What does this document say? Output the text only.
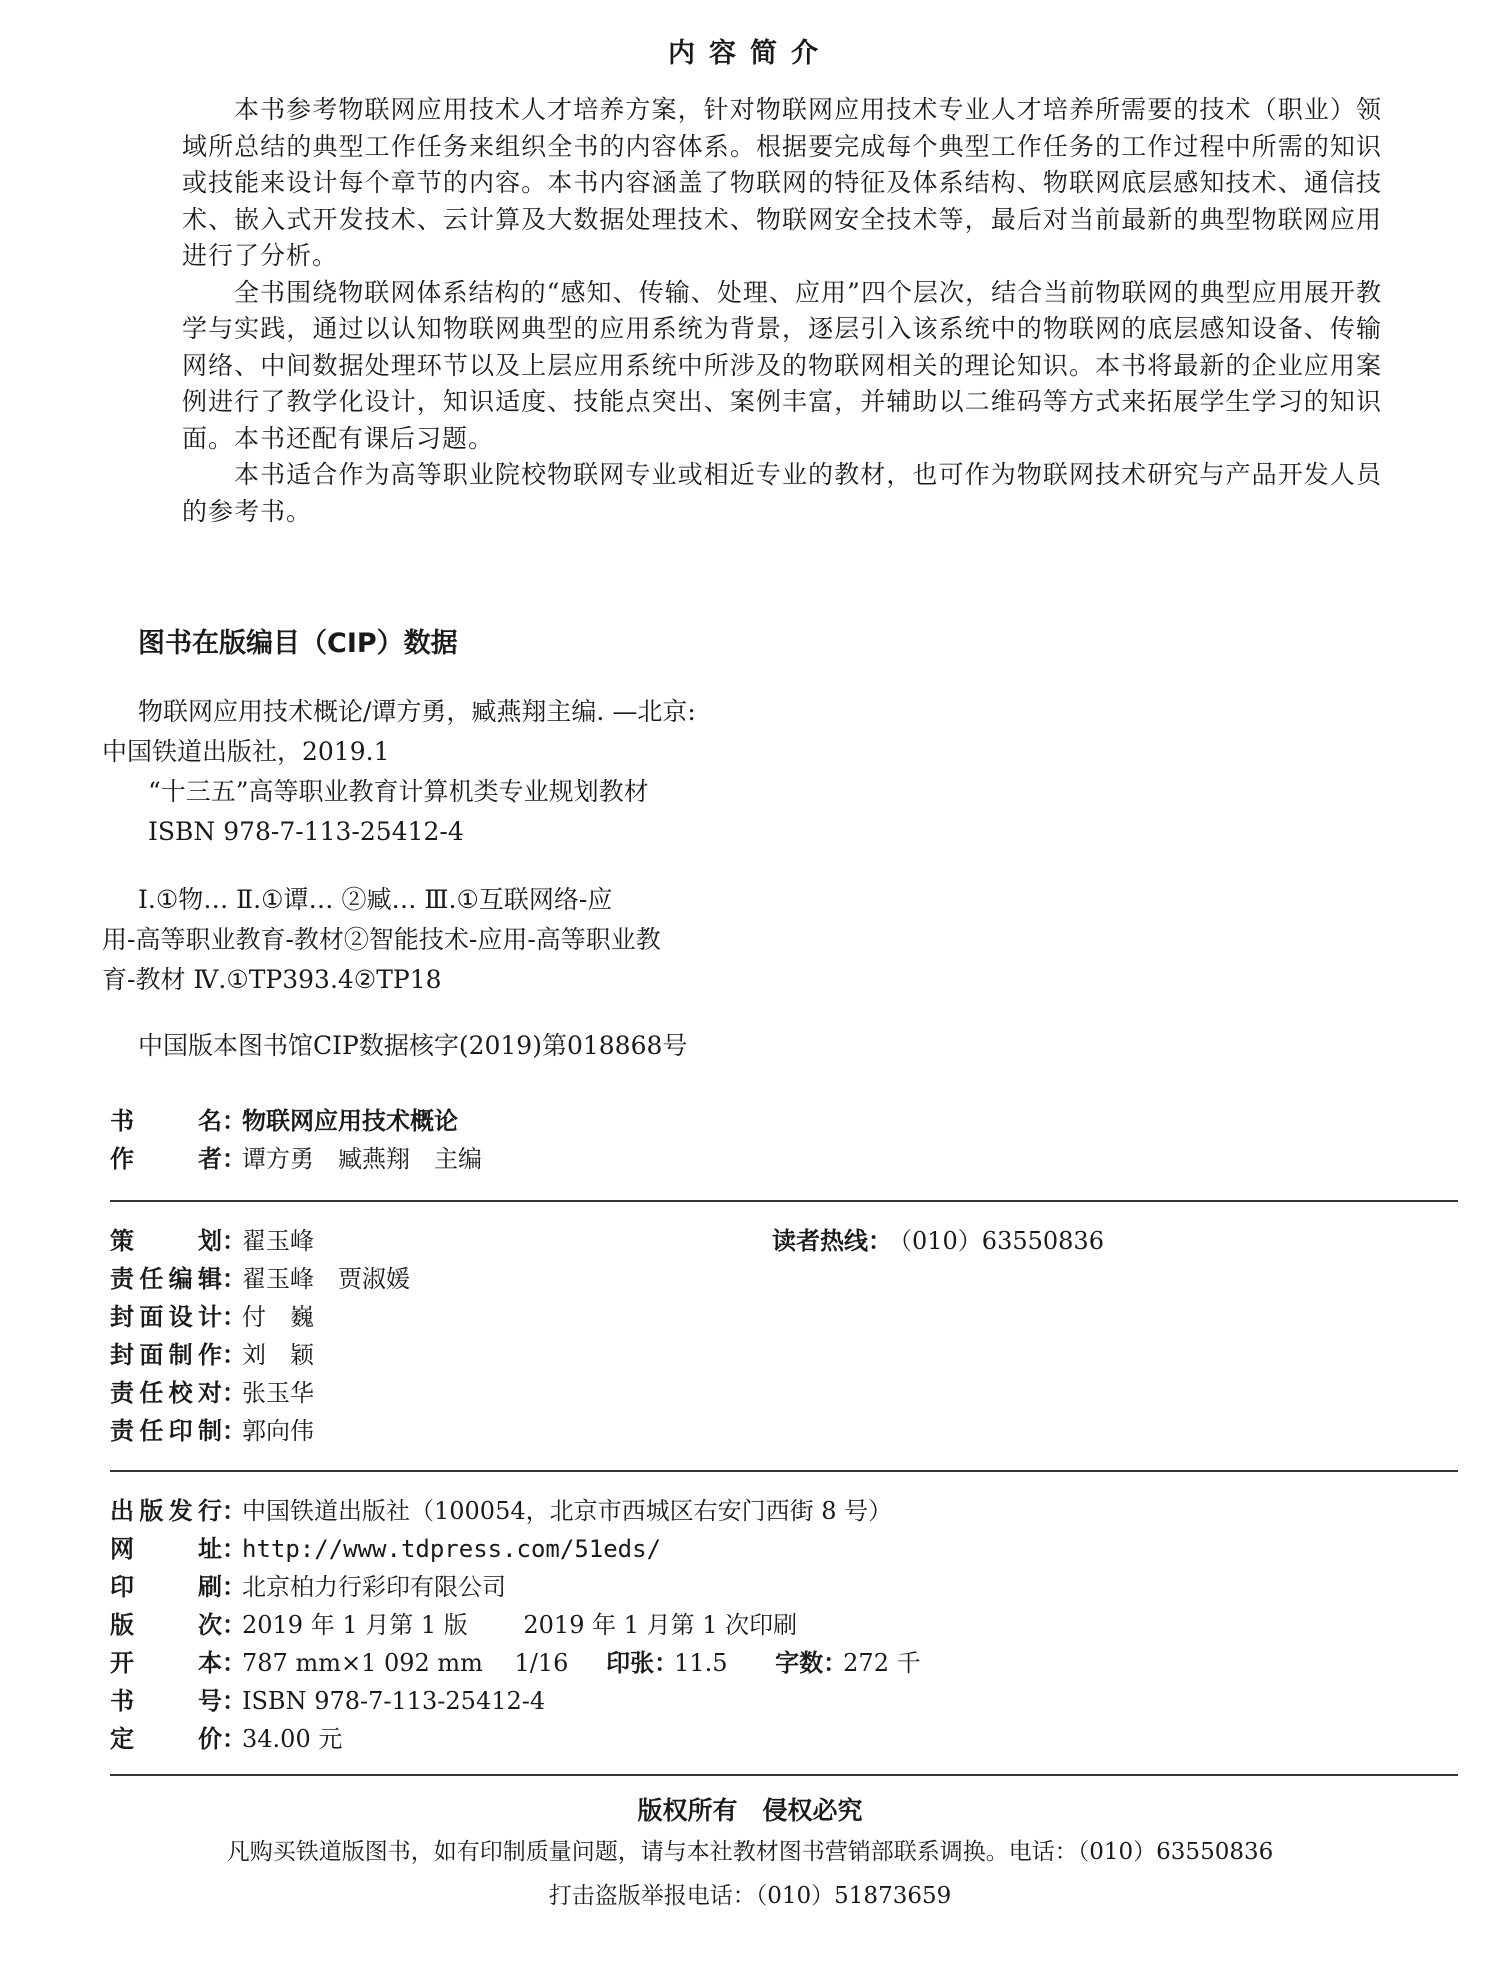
内容简介

本书参考物联网应用技术人才培养方案，针对物联网应用技术专业人才培养所需要的技术（职业）领域所总结的典型工作任务来组织全书的内容体系。根据要完成每个典型工作任务的工作过程中所需的知识或技能来设计每个章节的内容。本书内容涵盖了物联网的特征及体系结构、物联网底层感知技术、通信技术、嵌入式开发技术、云计算及大数据处理技术、物联网安全技术等，最后对当前最新的典型物联网应用进行了分析。

全书围绕物联网体系结构的“感知、传输、处理、应用”四个层次，结合当前物联网的典型应用展开教学与实践，通过以认知物联网典型的应用系统为背景，逐层引入该系统中的物联网的底层感知设备、传输网络、中间数据处理环节以及上层应用系统中所涉及的物联网相关的理论知识。本书将最新的企业应用案例进行了教学化设计，知识适度、技能点突出、案例丰富，并辅助以二维码等方式来拓展学生学习的知识面。本书还配有课后习题。

本书适合作为高等职业院校物联网专业或相近专业的教材，也可作为物联网技术研究与产品开发人员的参考书。

图书在版编目（CIP）数据
物联网应用技术概论/谭方勇，臧燕翔主编. —北京:
中国铁道出版社，2019.1
“十三五”高等职业教育计算机类专业规划教材
ISBN 978-7-113-25412-4
Ⅰ.①物… Ⅱ.①谭… ②臧… Ⅲ.①互联网络-应
用-高等职业教育-教材②智能技术-应用-高等职业教
育-教材 Ⅳ.①TP393.4②TP18
中国版本图书馆CIP数据核字(2019)第018868号
书名：物联网应用技术概论
作者：谭方勇　臧燕翔　主编
策划：翟玉峰	读者热线：（010）63550836
责任编辑：翟玉峰　贾淑媛
封面设计：付　巍
封面制作：刘　颖
责任校对：张玉华
责任印制：郭向伟
出版发行：中国铁道出版社（100054，北京市西城区右安门西街 8 号）
网址：http://www.tdpress.com/51eds/
印刷：北京柏力行彩印有限公司
版次：2019 年 1 月第 1 版　　 2019 年 1 月第 1 次印刷
开本：787 mm×1 092 mm　 1/16 印张：11.5 字数：272 千
书号：ISBN 978-7-113-25412-4
定价：34.00 元
版权所有　侵权必究
凡购买铁道版图书，如有印制质量问题，请与本社教材图书营销部联系调换。电话：（010）63550836
打击盗版举报电话：（010）51873659
